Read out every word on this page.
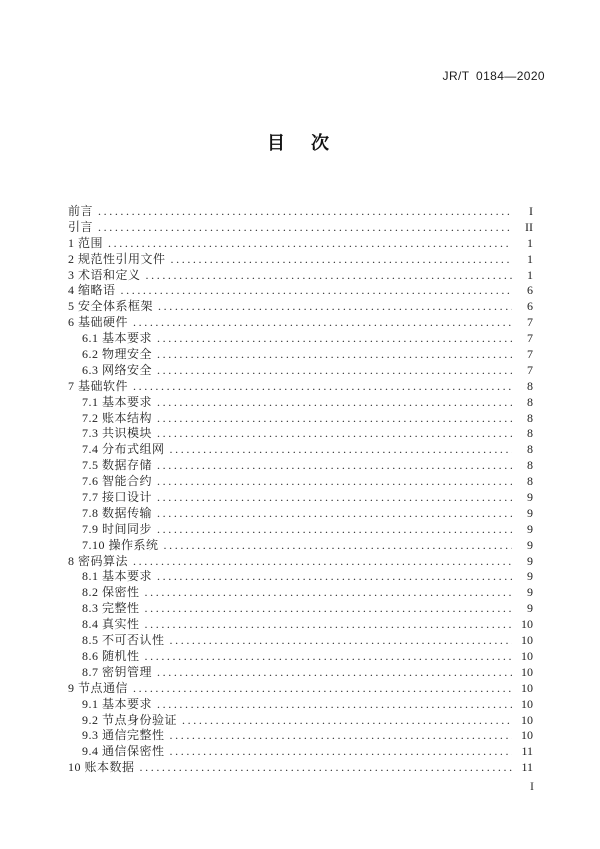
JR/T 0184—2020
目　次
前言 .....	I
引言 .....	II
1 范围 .....	1
2 规范性引用文件 .....	1
3 术语和定义 .....	1
4 缩略语 .....	6
5 安全体系框架 .....	6
6 基础硬件 .....	7
6.1 基本要求 .....	7
6.2 物理安全 .....	7
6.3 网络安全 .....	7
7 基础软件 .....	8
7.1 基本要求 .....	8
7.2 账本结构 .....	8
7.3 共识模块 .....	8
7.4 分布式组网 .....	8
7.5 数据存储 .....	8
7.6 智能合约 .....	8
7.7 接口设计 .....	9
7.8 数据传输 .....	9
7.9 时间同步 .....	9
7.10 操作系统 .....	9
8 密码算法 .....	9
8.1 基本要求 .....	9
8.2 保密性 .....	9
8.3 完整性 .....	9
8.4 真实性 .....	10
8.5 不可否认性 .....	10
8.6 随机性 .....	10
8.7 密钥管理 .....	10
9 节点通信 .....	10
9.1 基本要求 .....	10
9.2 节点身份验证 .....	10
9.3 通信完整性 .....	10
9.4 通信保密性 .....	11
10 账本数据 .....	11
I
